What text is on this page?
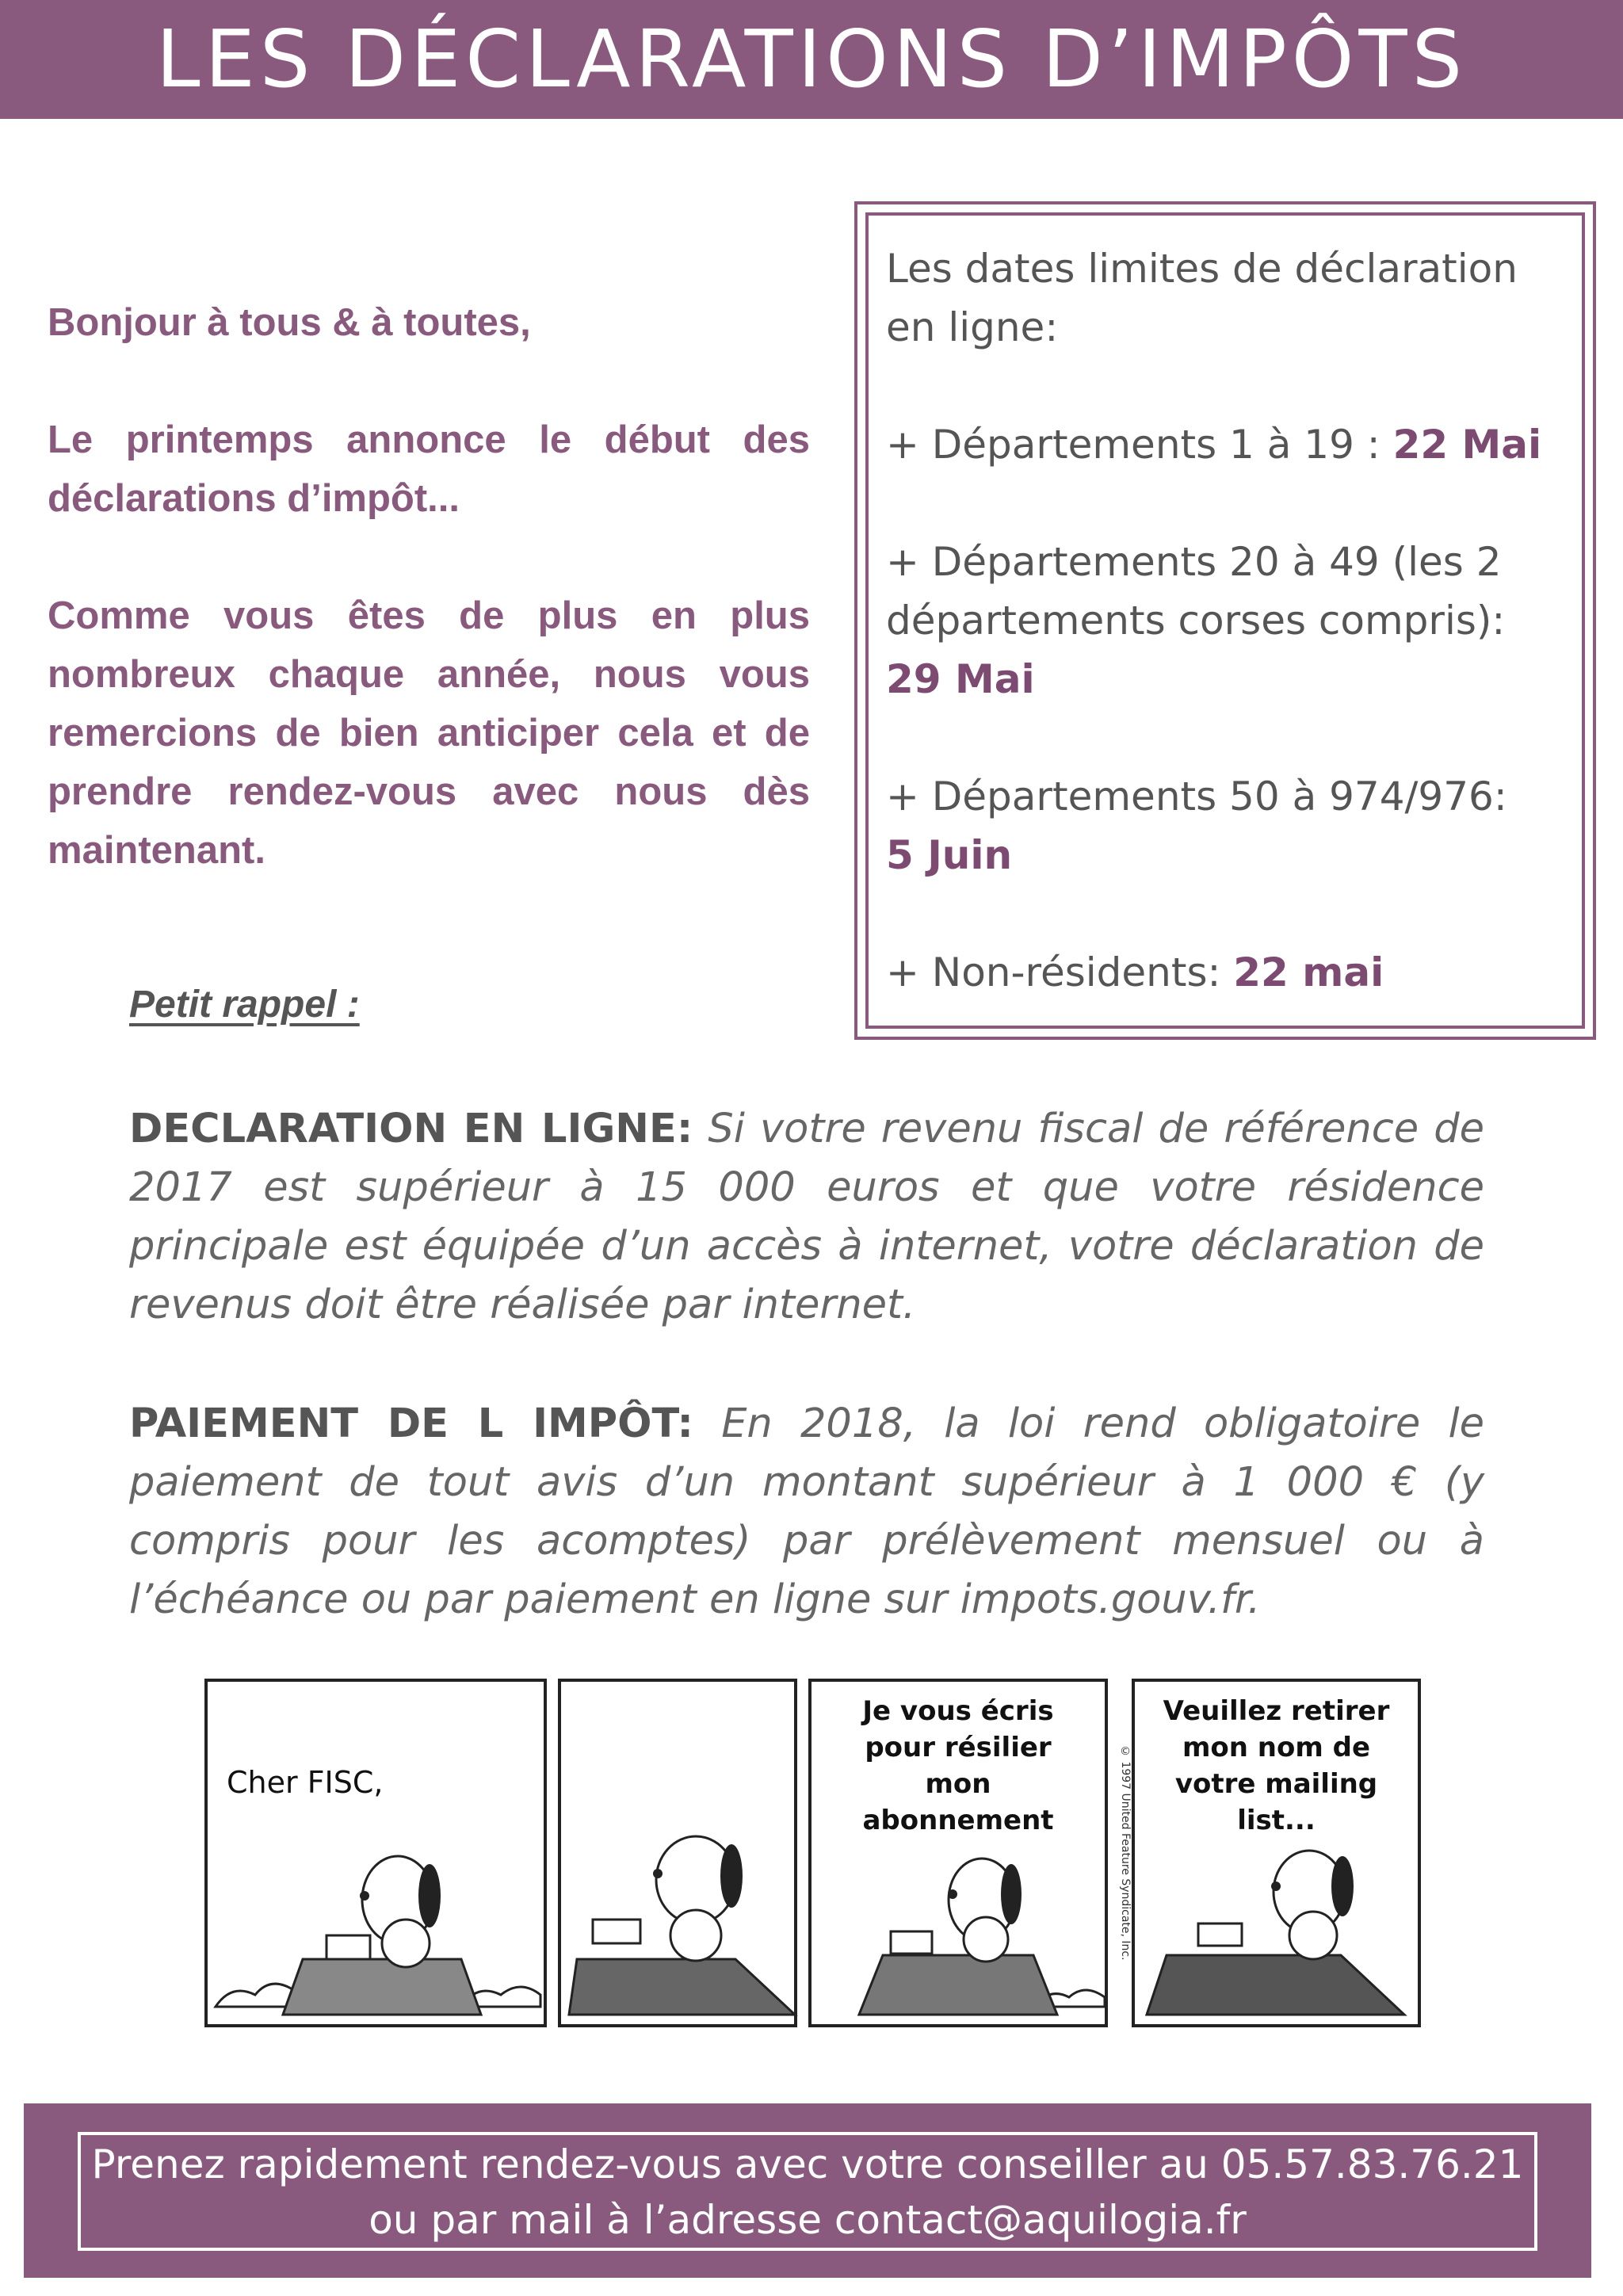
LES DÉCLARATIONS D’IMPÔTS

Bonjour à tous & à toutes,

Le printemps annonce le début des déclarations d’impôt...

Comme vous êtes de plus en plus nombreux chaque année, nous vous remercions de bien anticiper cela et de prendre rendez-vous avec nous dès maintenant.

Les dates limites de déclaration en ligne:

+ Départements 1 à 19 : 22 Mai

+ Départements 20 à 49 (les 2 départements corses compris):
29 Mai

+ Départements 50 à 974/976:
5 Juin

+ Non-résidents: 22 mai

Petit rappel :
DECLARATION EN LIGNE: Si votre revenu fiscal de référence de 2017 est supérieur à 15 000 euros et que votre résidence principale est équipée d’un accès à internet, votre déclaration de revenus doit être réalisée par internet.
PAIEMENT DE L IMPÔT: En 2018, la loi rend obligatoire le paiement de tout avis d’un montant supérieur à 1 000 € (y compris pour les acomptes) par prélèvement mensuel ou à l’échéance ou par paiement en ligne sur impots.gouv.fr.
Cher FISC,
Je vous écris pour résilier mon abonnement	© 1997 United Feature Syndicate, Inc.
Veuillez retirer mon nom de votre mailing list...
Prenez rapidement rendez-vous avec votre conseiller au 05.57.83.76.21
ou par mail à l’adresse contact@aquilogia.fr
